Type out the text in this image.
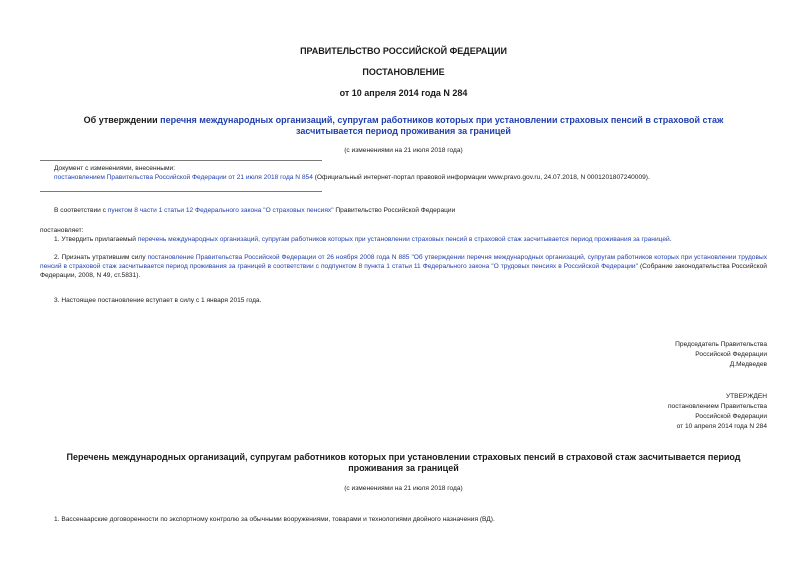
ПРАВИТЕЛЬСТВО РОССИЙСКОЙ ФЕДЕРАЦИИ
ПОСТАНОВЛЕНИЕ
от 10 апреля 2014 года N 284
Об утверждении перечня международных организаций, супругам работников которых при установлении страховых пенсий в страховой стаж засчитывается период проживания за границей
(с изменениями на 21 июля 2018 года)

Документ с изменениями, внесенными:

постановлением Правительства Российской Федерации от 21 июля 2018 года N 854 (Официальный интернет-портал правовой информации www.pravo.gov.ru, 24.07.2018, N 0001201807240009).

В соответствии с пунктом 8 части 1 статьи 12 Федерального закона "О страховых пенсиях" Правительство Российской Федерации
постановляет:
1. Утвердить прилагаемый перечень международных организаций, супругам работников которых при установлении страховых пенсий в страховой стаж засчитывается период проживания за границей.
2. Признать утратившим силу постановление Правительства Российской Федерации от 26 ноября 2008 года N 885 "Об утверждении перечня международных организаций, супругам работников которых при установлении трудовых пенсий в страховой стаж засчитывается период проживания за границей в соответствии с подпунктом 8 пункта 1 статьи 11 Федерального закона "О трудовых пенсиях в Российской Федерации" (Собрание законодательства Российской Федерации, 2008, N 49, ст.5831).
3. Настоящее постановление вступает в силу с 1 января 2015 года.

Председатель Правительства

Российской Федерации

Д.Медведев

УТВЕРЖДЕН

постановлением Правительства

Российской Федерации

от 10 апреля 2014 года N 284

Перечень международных организаций, супругам работников которых при установлении страховых пенсий в страховой стаж засчитывается период проживания за границей
(с изменениями на 21 июля 2018 года)
1. Вассенаарские договоренности по экспортному контролю за обычными вооружениями, товарами и технологиями двойного назначения (ВД).
